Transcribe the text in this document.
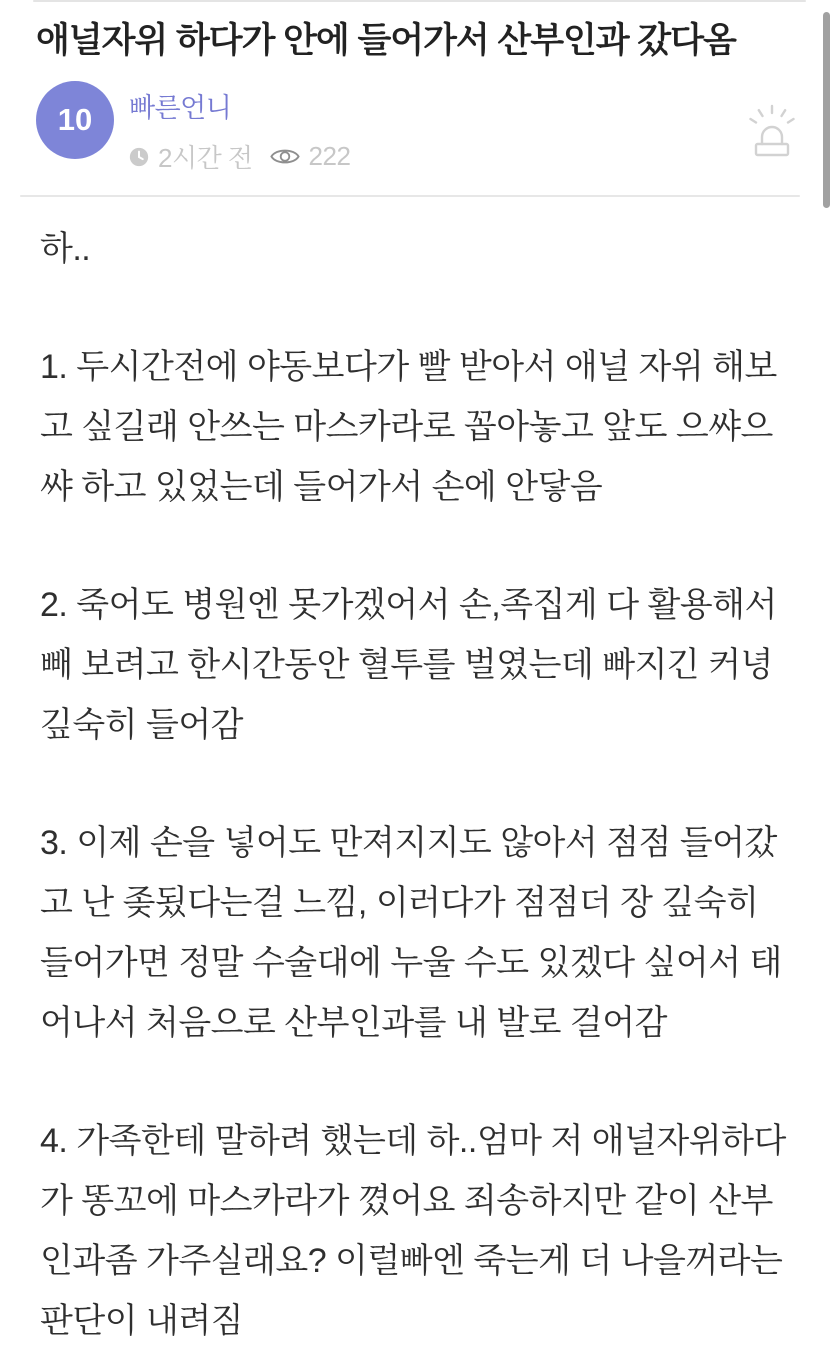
애널자위 하다가 안에 들어가서 산부인과 갔다옴
10 빠른언니
2시간 전 222

하..

1. 두시간전에 야동보다가 빨 받아서 애널 자위 해보고 싶길래 안쓰는 마스카라로 꼽아놓고 앞도 으쌰으쌰 하고 있었는데 들어가서 손에 안닿음

2. 죽어도 병원엔 못가겠어서 손,족집게 다 활용해서 빼 보려고 한시간동안 혈투를 벌였는데 빠지긴 커녕 깊숙히 들어감

3. 이제 손을 넣어도 만져지지도 않아서 점점 들어갔고 난 좆됬다는걸 느낌, 이러다가 점점더 장 깊숙히 들어가면 정말 수술대에 누울 수도 있겠다 싶어서 태어나서 처음으로 산부인과를 내 발로 걸어감

4. 가족한테 말하려 했는데 하..엄마 저 애널자위하다가 똥꼬에 마스카라가 꼈어요 죄송하지만 같이 산부인과좀 가주실래요? 이럴빠엔 죽는게 더 나을꺼라는 판단이 내려짐
